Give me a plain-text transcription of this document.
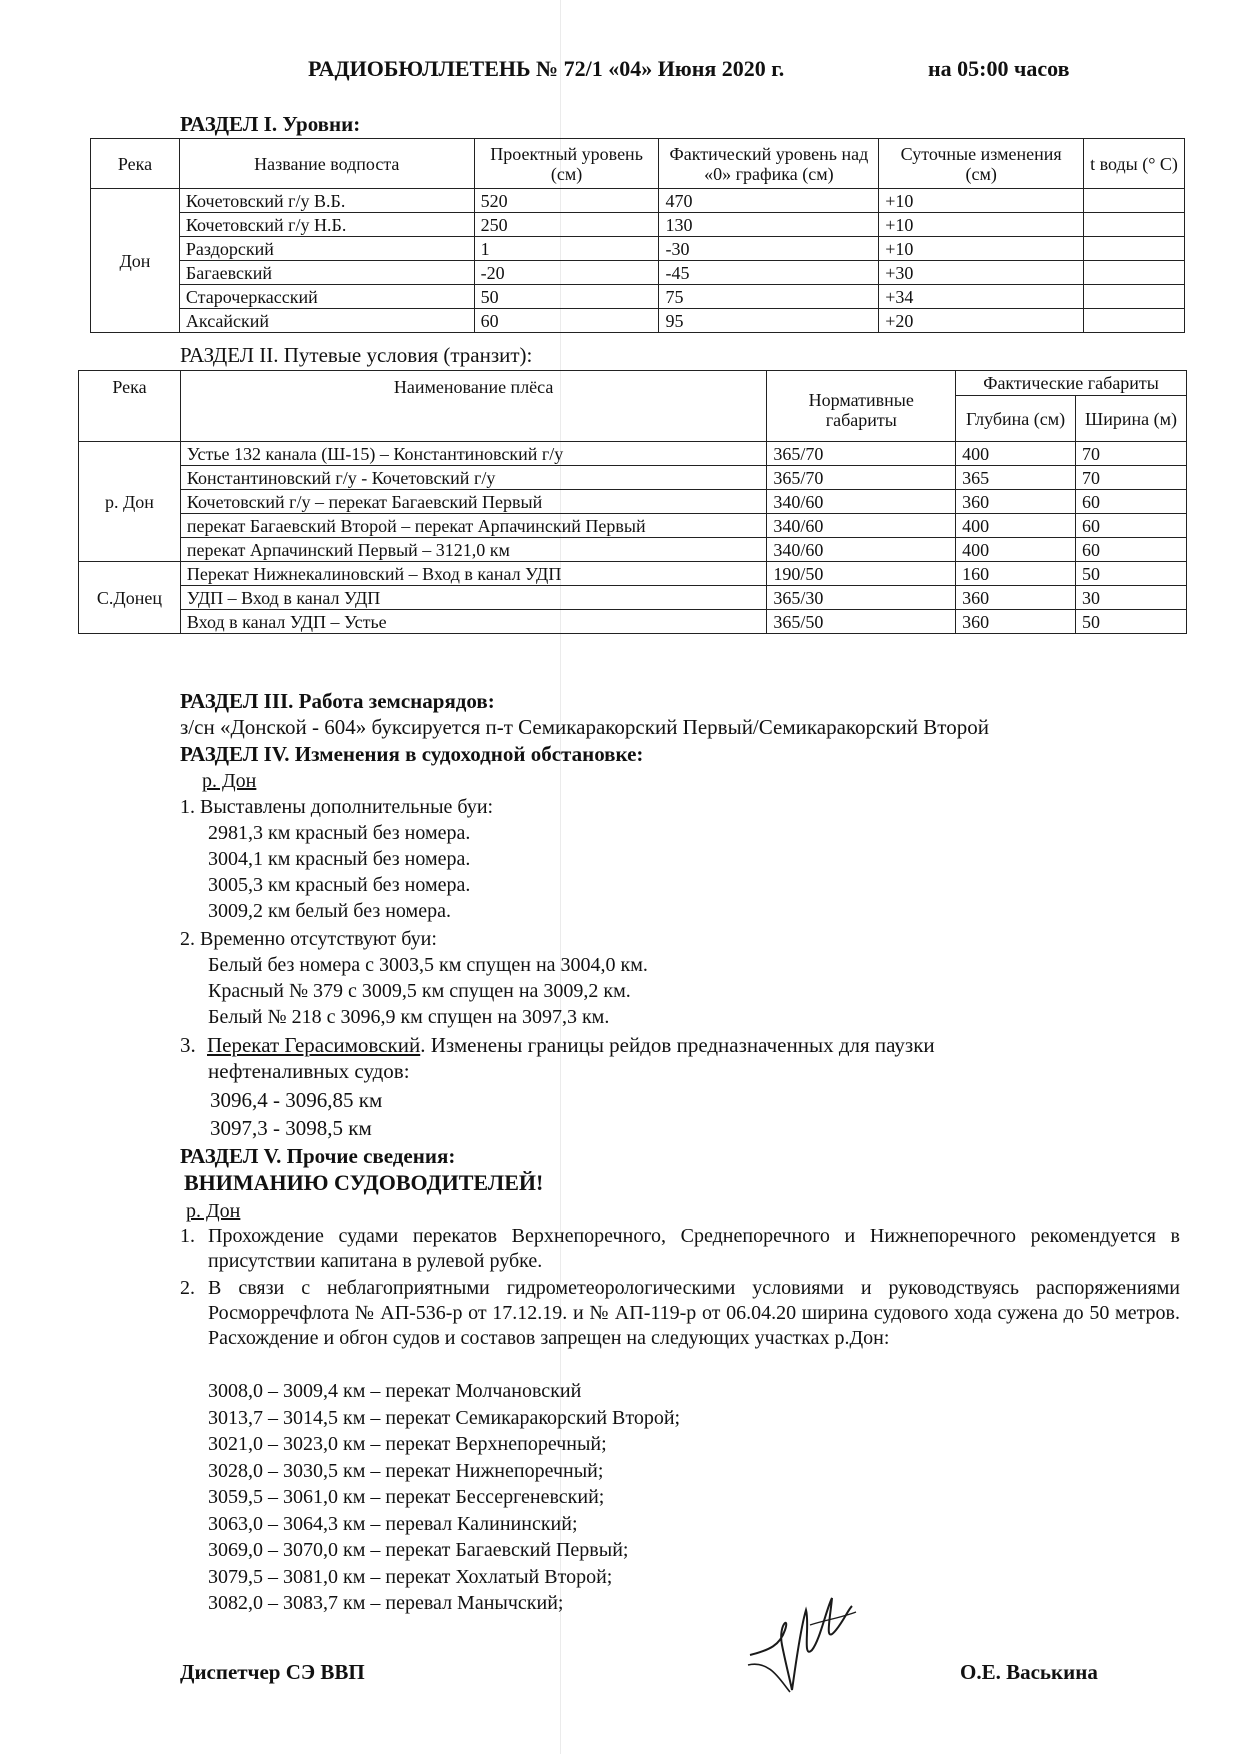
РАДИОБЮЛЛЕТЕНЬ № 72/1 «04» Июня 2020 г.	на 05:00 часов
РАЗДЕЛ I. Уровни:
Река	Название водпоста	Проектный уровень (см)	Фактический уровень над «0» графика (см)	Суточные изменения (см)	t воды (° С)
Дон	Кочетовский г/у В.Б.	520	470	+10	
	Кочетовский г/у Н.Б.	250	130	+10	
	Раздорский	1	-30	+10	
	Багаевский	-20	-45	+30	
	Старочеркасский	50	75	+34	
	Аксайский	60	95	+20	
РАЗДЕЛ II. Путевые условия (транзит):
Река	Наименование плёса	Нормативные габариты	Фактические габариты	
			Глубина (см)	Ширина (м)
р. Дон	Устье 132 канала (Ш-15) – Константиновский г/у	365/70	400	70
	Константиновский г/у - Кочетовский г/у	365/70	365	70
	Кочетовский г/у – перекат Багаевский Первый	340/60	360	60
	перекат Багаевский Второй – перекат Арпачинский Первый	340/60	400	60
	перекат Арпачинский Первый – 3121,0 км	340/60	400	60
С.Донец	Перекат Нижнекалиновский – Вход в канал УДП	190/50	160	50
	УДП – Вход в канал УДП	365/30	360	30
	Вход в канал УДП – Устье	365/50	360	50
РАЗДЕЛ III. Работа земснарядов:
з/сн «Донской - 604» буксируется п-т Семикаракорский Первый/Семикаракорский Второй
РАЗДЕЛ IV. Изменения в судоходной обстановке:
р. Дон
1. Выставлены дополнительные буи:
2981,3 км красный без номера.
3004,1 км красный без номера.
3005,3 км красный без номера.
3009,2 км белый без номера.
2. Временно отсутствуют буи:
Белый без номера с 3003,5 км спущен на 3004,0 км.
Красный № 379 с 3009,5 км спущен на 3009,2 км.
Белый № 218 с 3096,9 км спущен на 3097,3 км.
3. Перекат Герасимовский. Изменены границы рейдов предназначенных для паузки
нефтеналивных судов:
3096,4 - 3096,85 км
3097,3 - 3098,5 км
РАЗДЕЛ V. Прочие сведения:
ВНИМАНИЮ СУДОВОДИТЕЛЕЙ!
р. Дон
1. Прохождение судами перекатов Верхнепоречного, Среднепоречного и Нижнепоречного рекомендуется в присутствии капитана в рулевой рубке.
2. В связи с неблагоприятными гидрометеорологическими условиями и руководствуясь распоряжениями Росморречфлота № АП-536-р от 17.12.19. и № АП-119-р от 06.04.20 ширина судового хода сужена до 50 метров. Расхождение и обгон судов и составов запрещен на следующих участках р.Дон:
3008,0 – 3009,4 км – перекат Молчановский
3013,7 – 3014,5 км – перекат Семикаракорский Второй;
3021,0 – 3023,0 км – перекат Верхнепоречный;
3028,0 – 3030,5 км – перекат Нижнепоречный;
3059,5 – 3061,0 км – перекат Бессергеневский;
3063,0 – 3064,3 км – перевал Калининский;
3069,0 – 3070,0 км – перекат Багаевский Первый;
3079,5 – 3081,0 км – перекат Хохлатый Второй;
3082,0 – 3083,7 км – перевал Манычский;
Диспетчер СЭ ВВП	О.Е. Васькина
